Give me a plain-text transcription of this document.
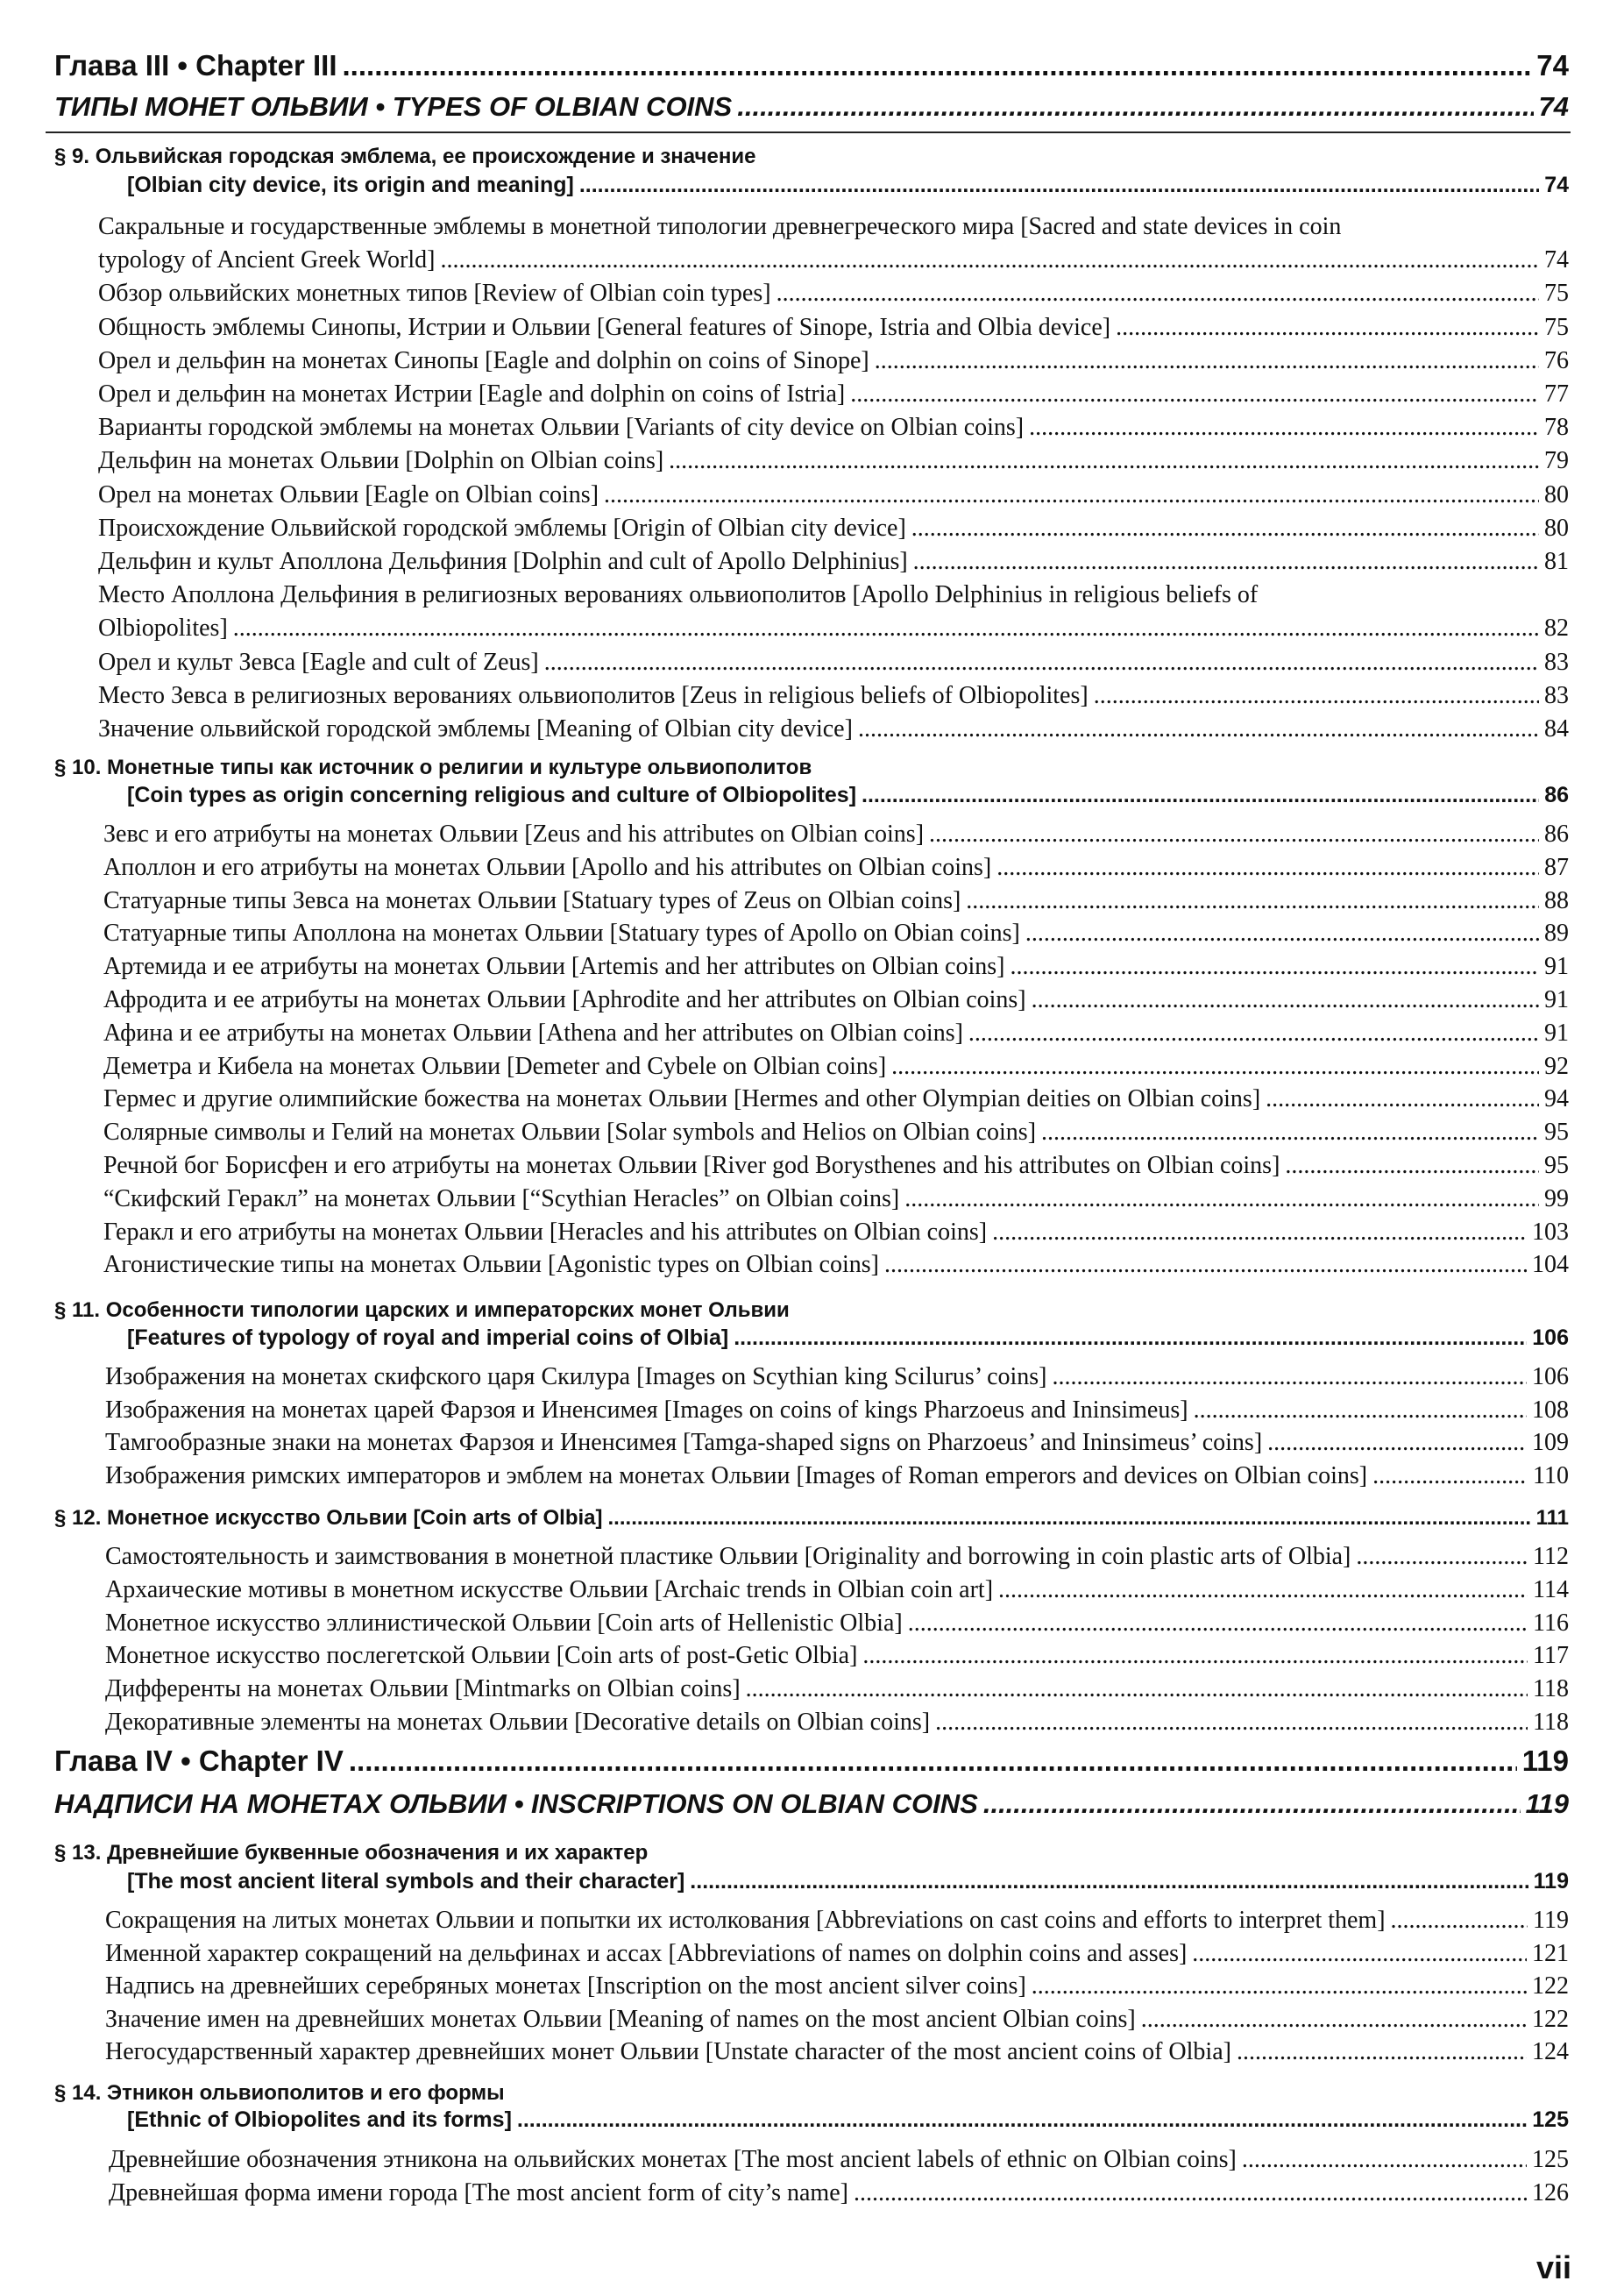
Глава III • Chapter III .....	74
ТИПЫ МОНЕТ ОЛЬВИИ • TYPES OF OLBIAN COINS .....	74
§ 9. Ольвийская городская эмблема, ее происхождение и значение
[Olbian city device, its origin and meaning] .....	74
Сакральные и государственные эмблемы в монетной типологии древнегреческого мира [Sacred and state devices in coin
typology of Ancient Greek World] .....	74
Обзор ольвийских монетных типов [Review of Olbian coin types] .....	75
Общность эмблемы Синопы, Истрии и Ольвии [General features of Sinope, Istria and Olbia device] .....	75
Орел и дельфин на монетах Синопы [Eagle and dolphin on coins of Sinope] .....	76
Орел и дельфин на монетах Истрии [Eagle and dolphin on coins of Istria] .....	77
Варианты городской эмблемы на монетах Ольвии [Variants of city device on Olbian coins] .....	78
Дельфин на монетах Ольвии [Dolphin on Olbian coins] .....	79
Орел на монетах Ольвии [Eagle on Olbian coins] .....	80
Происхождение Ольвийской городской эмблемы [Origin of Olbian city device] .....	80
Дельфин и культ Аполлона Дельфиния [Dolphin and cult of Apollo Delphinius] .....	81
Место Аполлона Дельфиния в религиозных верованиях ольвиополитов [Apollo Delphinius in religious beliefs of
Olbiopolites] .....	82
Орел и культ Зевса [Eagle and cult of Zeus] .....	83
Место Зевса в религиозных верованиях ольвиополитов [Zeus in religious beliefs of Olbiopolites] .....	83
Значение ольвийской городской эмблемы [Meaning of Olbian city device] .....	84
§ 10. Монетные типы как источник о религии и культуре ольвиополитов
[Coin types as origin concerning religious and culture of Olbiopolites] .....	86
Зевс и его атрибуты на монетах Ольвии [Zeus and his attributes on Olbian coins] .....	86
Аполлон и его атрибуты на монетах Ольвии [Apollo and his attributes on Olbian coins] .....	87
Статуарные типы Зевса на монетах Ольвии [Statuary types of Zeus on Olbian coins] .....	88
Статуарные типы Аполлона на монетах Ольвии [Statuary types of Apollo on Obian coins] .....	89
Артемида и ее атрибуты на монетах Ольвии [Artemis and her attributes on Olbian coins] .....	91
Афродита и ее атрибуты на монетах Ольвии [Aphrodite and her attributes on Olbian coins] .....	91
Афина и ее атрибуты на монетах Ольвии [Athena and her attributes on Olbian coins] .....	91
Деметра и Кибела на монетах Ольвии [Demeter and Cybele on Olbian coins] .....	92
Гермес и другие олимпийские божества на монетах Ольвии [Hermes and other Olympian deities on Olbian coins] .....	94
Солярные символы и Гелий на монетах Ольвии [Solar symbols and Helios on Olbian coins] .....	95
Речной бог Борисфен и его атрибуты на монетах Ольвии [River god Borysthenes and his attributes on Olbian coins] .....	95
“Скифский Геракл” на монетах Ольвии [“Scythian Heracles” on Olbian coins] .....	99
Геракл и его атрибуты на монетах Ольвии [Heracles and his attributes on Olbian coins] .....	103
Агонистические типы на монетах Ольвии [Agonistic types on Olbian coins] .....	104
§ 11. Особенности типологии царских и императорских монет Ольвии
[Features of typology of royal and imperial coins of Olbia] .....	106
Изображения на монетах скифского царя Скилура [Images on Scythian king Scilurus’ coins] .....	106
Изображения на монетах царей Фарзоя и Иненсимея [Images on coins of kings Pharzoeus and Ininsimeus] .....	108
Тамгообразные знаки на монетах Фарзоя и Иненсимея [Tamga-shaped signs on Pharzoeus’ and Ininsimeus’ coins] .....	109
Изображения римских императоров и эмблем на монетах Ольвии [Images of Roman emperors and devices on Olbian coins] .....	110
§ 12. Монетное искусство Ольвии [Coin arts of Olbia] .....	111
Самостоятельность и заимствования в монетной пластике Ольвии [Originality and borrowing in coin plastic arts of Olbia] .....	112
Архаические мотивы в монетном искусстве Ольвии [Archaic trends in Olbian coin art] .....	114
Монетное искусство эллинистической Ольвии [Coin arts of Hellenistic Olbia] .....	116
Монетное искусство послегетской Ольвии [Coin arts of post-Getic Olbia] .....	117
Дифференты на монетах Ольвии [Mintmarks on Olbian coins] .....	118
Декоративные элементы на монетах Ольвии [Decorative details on Olbian coins] .....	118
Глава IV • Chapter IV .....	119
НАДПИСИ НА МОНЕТАХ ОЛЬВИИ • INSCRIPTIONS ON OLBIAN COINS .....	119
§ 13. Древнейшие буквенные обозначения и их характер
[The most ancient literal symbols and their character] .....	119
Сокращения на литых монетах Ольвии и попытки их истолкования [Abbreviations on cast coins and efforts to interpret them] .....	119
Именной характер сокращений на дельфинах и ассах [Abbreviations of names on dolphin coins and asses] .....	121
Надпись на древнейших серебряных монетах [Inscription on the most ancient silver coins] .....	122
Значение имен на древнейших монетах Ольвии [Meaning of names on the most ancient Olbian coins] .....	122
Негосударственный характер древнейших монет Ольвии [Unstate character of the most ancient coins of Olbia] .....	124
§ 14. Этникон ольвиополитов и его формы
[Ethnic of Olbiopolites and its forms] .....	125
Древнейшие обозначения этникона на ольвийских монетах [The most ancient labels of ethnic on Olbian coins] .....	125
Древнейшая форма имени города [The most ancient form of city’s name] .....	126
vii
